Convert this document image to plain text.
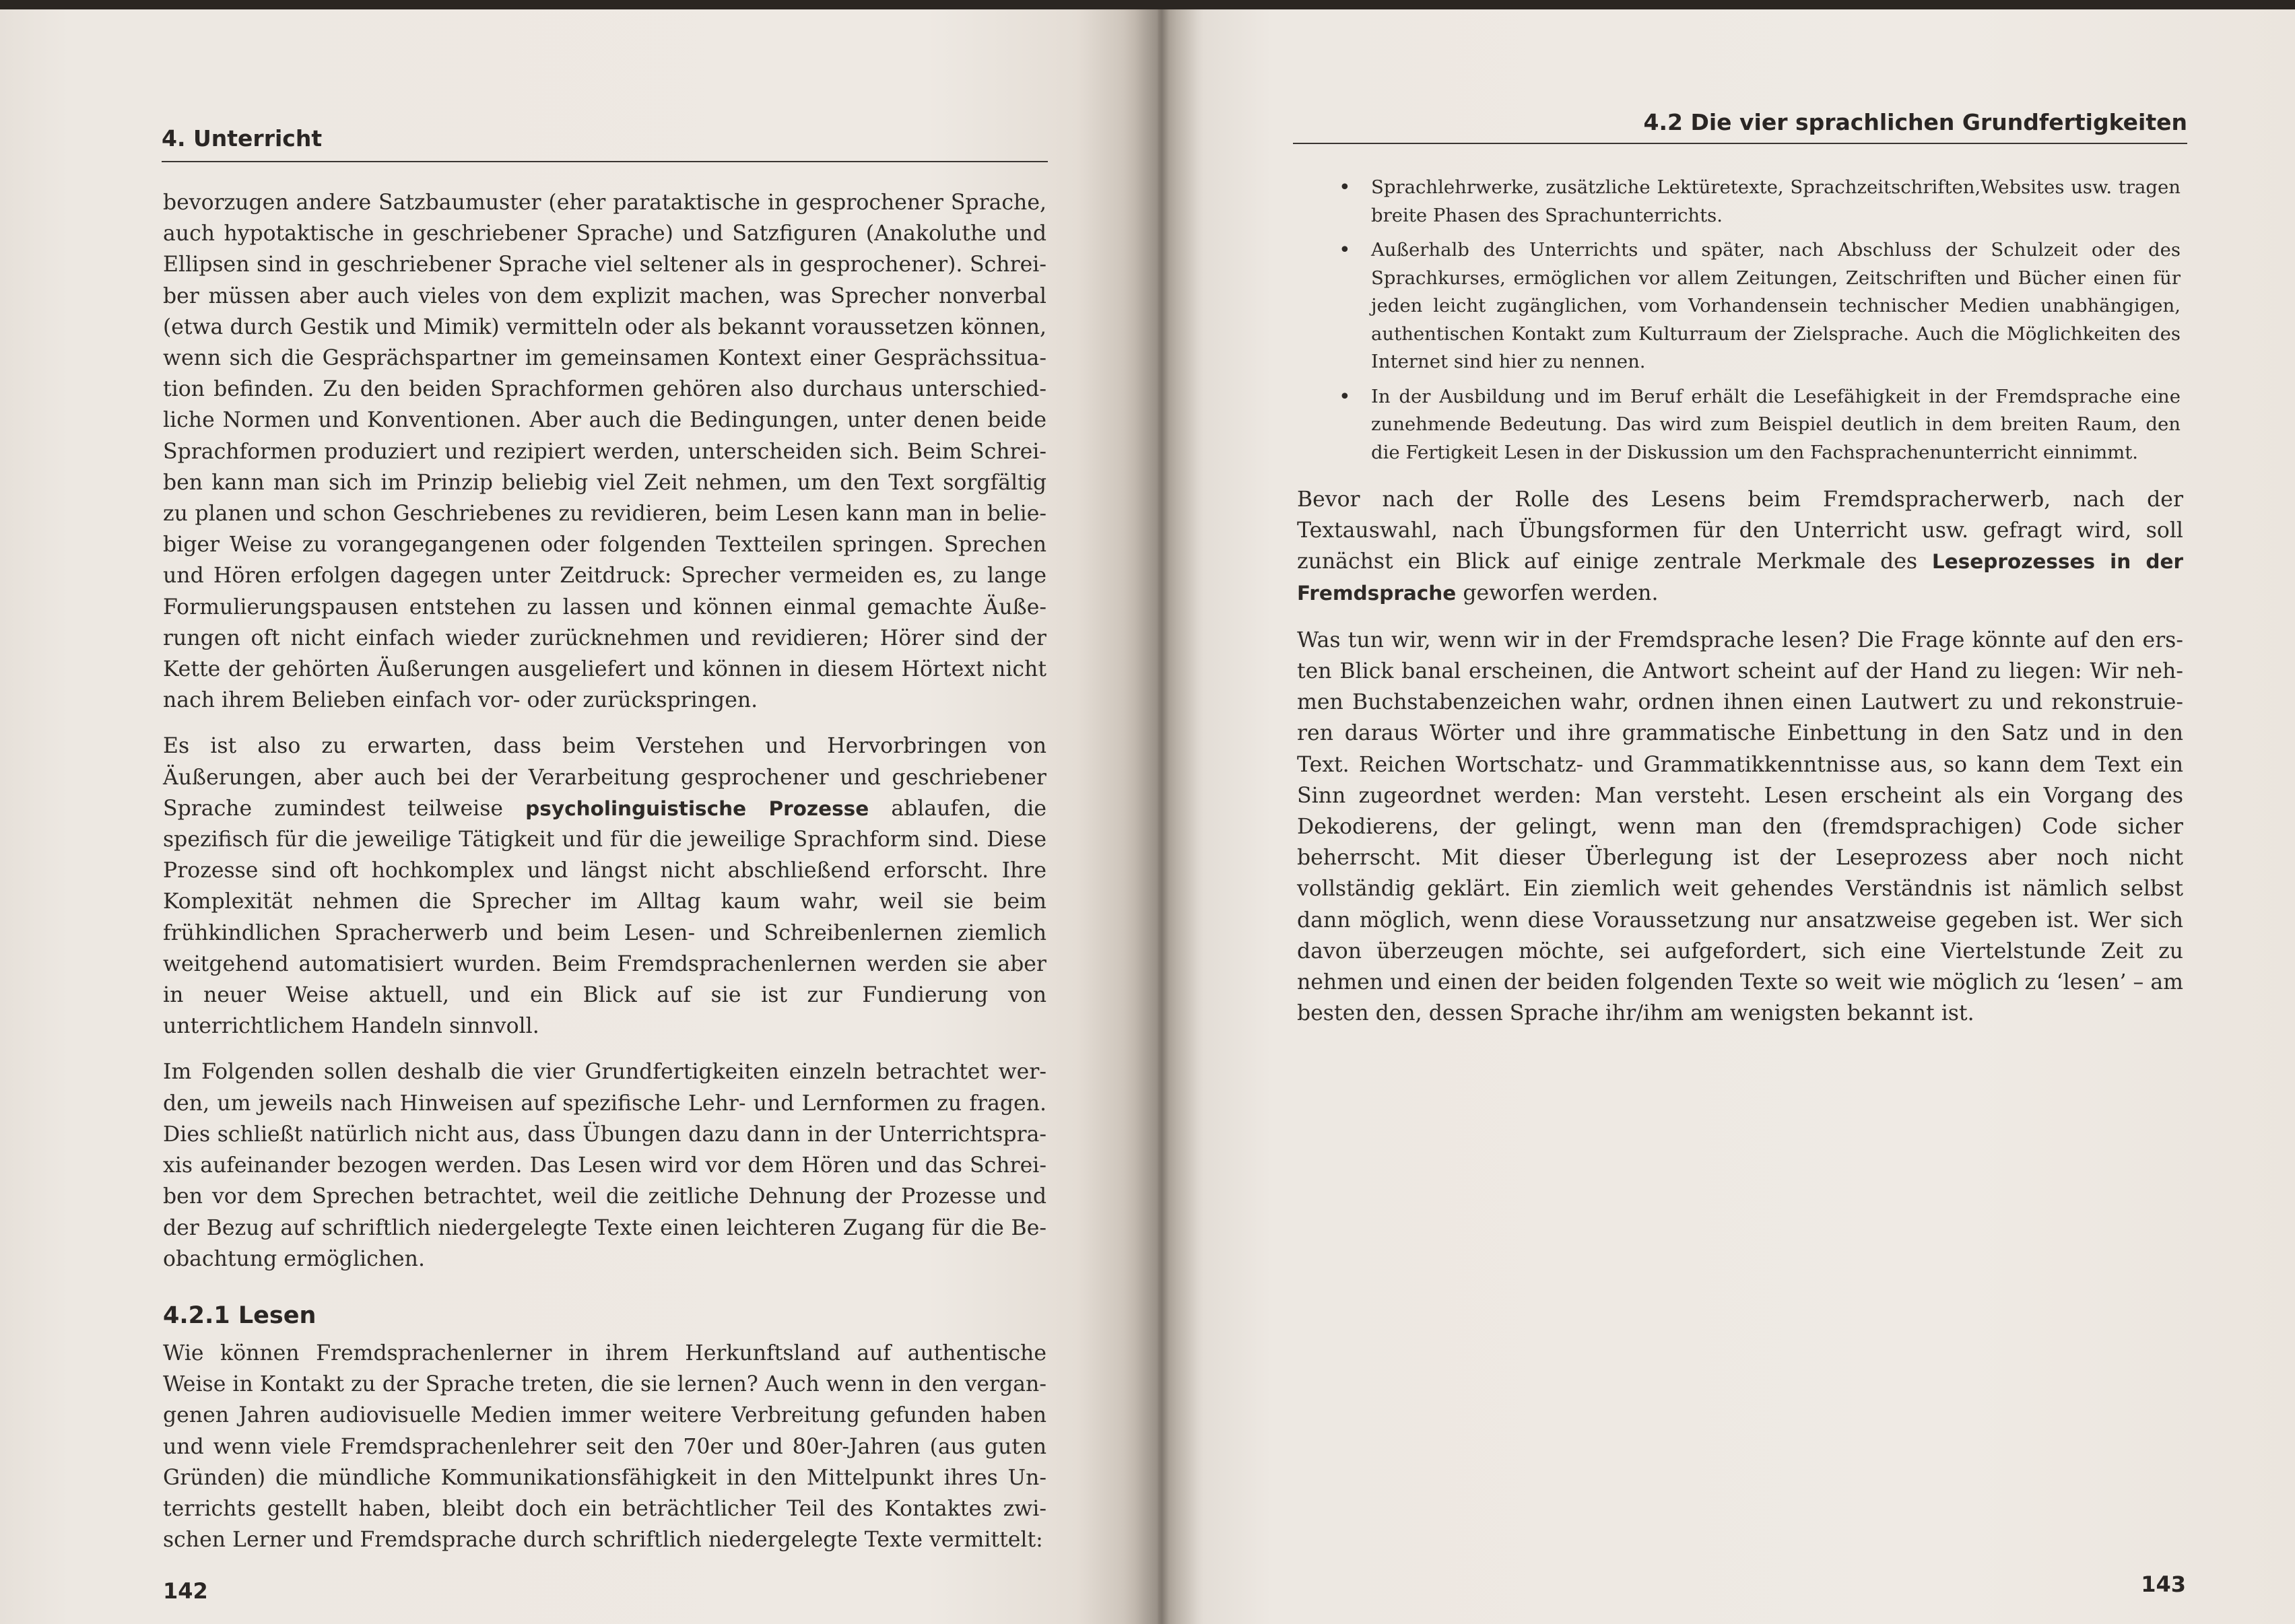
4. Unterricht

bevorzugen andere Satzbaumuster (eher parataktische in gesprochener Sprache, auch hypotaktische in geschriebener Sprache) und Satzfiguren (Anakoluthe und Ellipsen sind in geschriebener Sprache viel seltener als in gesprochener). Schreiber müssen aber auch vieles von dem explizit machen, was Sprecher nonverbal (etwa durch Gestik und Mimik) vermitteln oder als bekannt voraussetzen können, wenn sich die Gesprächspartner im gemeinsamen Kontext einer Gesprächssituation befinden. Zu den beiden Sprachformen gehören also durchaus unterschiedliche Normen und Konventionen. Aber auch die Bedingungen, unter denen beide Sprachformen produziert und rezipiert werden, unterscheiden sich. Beim Schreiben kann man sich im Prinzip beliebig viel Zeit nehmen, um den Text sorgfältig zu planen und schon Geschriebenes zu revidieren, beim Lesen kann man in beliebiger Weise zu vorangegangenen oder folgenden Textteilen springen. Sprechen und Hören erfolgen dagegen unter Zeitdruck: Sprecher vermeiden es, zu lange Formulierungspausen entstehen zu lassen und können einmal gemachte Äußerungen oft nicht einfach wieder zurücknehmen und revidieren; Hörer sind der Kette der gehörten Äußerungen ausgeliefert und können in diesem Hörtext nicht nach ihrem Belieben einfach vor- oder zurückspringen.

Es ist also zu erwarten, dass beim Verstehen und Hervorbringen von Äußerungen, aber auch bei der Verarbeitung gesprochener und geschriebener Sprache zumindest teilweise psycholinguistische Prozesse ablaufen, die spezifisch für die jeweilige Tätigkeit und für die jeweilige Sprachform sind. Diese Prozesse sind oft hochkomplex und längst nicht abschließend erforscht. Ihre Komplexität nehmen die Sprecher im Alltag kaum wahr, weil sie beim frühkindlichen Spracherwerb und beim Lesen- und Schreibenlernen ziemlich weitgehend automatisiert wurden. Beim Fremdsprachenlernen werden sie aber in neuer Weise aktuell, und ein Blick auf sie ist zur Fundierung von unterrichtlichem Handeln sinnvoll.

Im Folgenden sollen deshalb die vier Grundfertigkeiten einzeln betrachtet werden, um jeweils nach Hinweisen auf spezifische Lehr- und Lernformen zu fragen. Dies schließt natürlich nicht aus, dass Übungen dazu dann in der Unterrichtspraxis aufeinander bezogen werden. Das Lesen wird vor dem Hören und das Schreiben vor dem Sprechen betrachtet, weil die zeitliche Dehnung der Prozesse und der Bezug auf schriftlich niedergelegte Texte einen leichteren Zugang für die Beobachtung ermöglichen.

4.2.1 Lesen

Wie können Fremdsprachenlerner in ihrem Herkunftsland auf authentische Weise in Kontakt zu der Sprache treten, die sie lernen? Auch wenn in den vergangenen Jahren audiovisuelle Medien immer weitere Verbreitung gefunden haben und wenn viele Fremdsprachenlehrer seit den 70er und 80er-Jahren (aus guten Gründen) die mündliche Kommunikationsfähigkeit in den Mittelpunkt ihres Unterrichts gestellt haben, bleibt doch ein beträchtlicher Teil des Kontaktes zwischen Lerner und Fremdsprache durch schriftlich niedergelegte Texte vermittelt:

142
4.2 Die vier sprachlichen Grundfertigkeiten
• Sprachlehrwerke, zusätzliche Lektüretexte, Sprachzeitschriften,Websites usw. tragen breite Phasen des Sprachunterrichts.
• Außerhalb des Unterrichts und später, nach Abschluss der Schulzeit oder des Sprachkurses, ermöglichen vor allem Zeitungen, Zeitschriften und Bücher einen für jeden leicht zugänglichen, vom Vorhandensein technischer Medien unabhängigen, authentischen Kontakt zum Kulturraum der Zielsprache. Auch die Möglichkeiten des Internet sind hier zu nennen.
• In der Ausbildung und im Beruf erhält die Lesefähigkeit in der Fremdsprache eine zunehmende Bedeutung. Das wird zum Beispiel deutlich in dem breiten Raum, den die Fertigkeit Lesen in der Diskussion um den Fachsprachenunterricht einnimmt.

Bevor nach der Rolle des Lesens beim Fremdspracherwerb, nach der Textauswahl, nach Übungsformen für den Unterricht usw. gefragt wird, soll zunächst ein Blick auf einige zentrale Merkmale des Leseprozesses in der Fremdsprache geworfen werden.

Was tun wir, wenn wir in der Fremdsprache lesen? Die Frage könnte auf den ersten Blick banal erscheinen, die Antwort scheint auf der Hand zu liegen: Wir nehmen Buchstabenzeichen wahr, ordnen ihnen einen Lautwert zu und rekonstruieren daraus Wörter und ihre grammatische Einbettung in den Satz und in den Text. Reichen Wortschatz- und Grammatikkenntnisse aus, so kann dem Text ein Sinn zugeordnet werden: Man versteht. Lesen erscheint als ein Vorgang des Dekodierens, der gelingt, wenn man den (fremdsprachigen) Code sicher beherrscht. Mit dieser Überlegung ist der Leseprozess aber noch nicht vollständig geklärt. Ein ziemlich weit gehendes Verständnis ist nämlich selbst dann möglich, wenn diese Voraussetzung nur ansatzweise gegeben ist. Wer sich davon überzeugen möchte, sei aufgefordert, sich eine Viertelstunde Zeit zu nehmen und einen der beiden folgenden Texte so weit wie möglich zu ‘lesen’ – am besten den, dessen Sprache ihr/ihm am wenigsten bekannt ist.

143
